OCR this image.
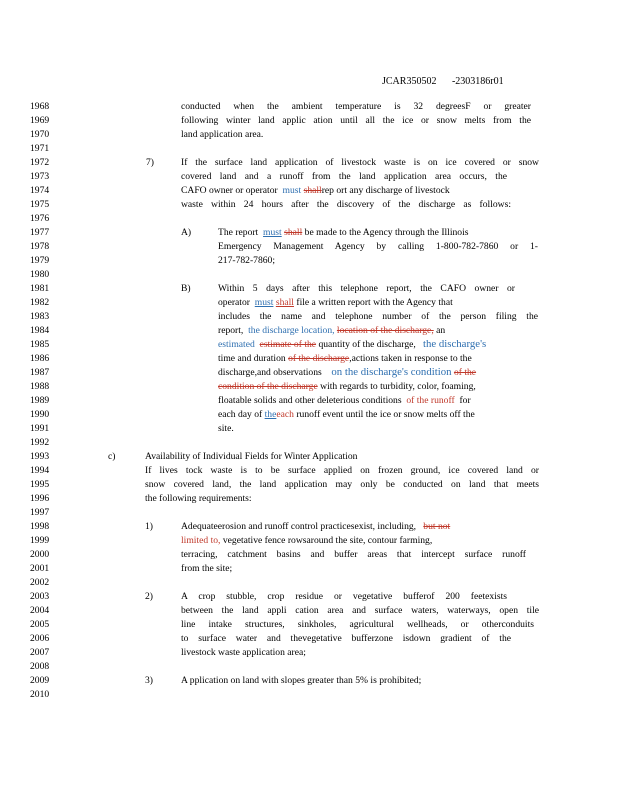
JCAR350502 -2303186r01
1968
1969
1970
1971
1972
1973
1974
1975
1976
1977
1978
1979
1980
1981
1982
1983
1984
1985
1986
1987
1988
1989
1990
1991
1992
1993
1994
1995
1996
1997
1998
1999
2000
2001
2002
2003
2004
2005
2006
2007
2008
2009
2010
conducted when the ambient temperature is 32 degreesF or greater
following winter land applic ation until all the ice or snow melts from the
land application area.
7)	If the surface land application of livestock waste is on ice covered or snow
covered land and a runoff from the land application area occurs, the
CAFO owner or operator must shallrep ort any discharge of livestock
waste within 24 hours after the discovery of the discharge as follows:
A)	The report must shall be made to the Agency through the Illinois
Emergency Management Agency by calling 1-800-782-7860 or 1-
217-782-7860;
B)	Within 5 days after this telephone report, the CAFO owner or
operator must shall file a written report with the Agency that
includes the name and telephone number of the person filing the
report, the discharge location, location of the discharge, an
estimated estimate of the quantity of the discharge, the discharge's
time and duration of the discharge,actions taken in response to the
discharge,and observations on the discharge's condition of the
condition of the discharge with regards to turbidity, color, foaming,
floatable solids and other deleterious conditions of the runoff for
each day of theeach runoff event until the ice or snow melts off the
site.
c)	Availability of Individual Fields for Winter Application
If lives tock waste is to be surface applied on frozen ground, ice covered land or
snow covered land, the land application may only be conducted on land that meets
the following requirements:
1)	Adequateerosion and runoff control practicesexist, including, but not
limited to, vegetative fence rowsaround the site, contour farming,
terracing, catchment basins and buffer areas that intercept surface runoff
from the site;
2)	A crop stubble, crop residue or vegetative bufferof 200 feetexists
between the land appli cation area and surface waters, waterways, open tile
line intake structures, sinkholes, agricultural wellheads, or otherconduits
to surface water and thevegetative bufferzone isdown gradient of the
livestock waste application area;
3)	A pplication on land with slopes greater than 5% is prohibited;
